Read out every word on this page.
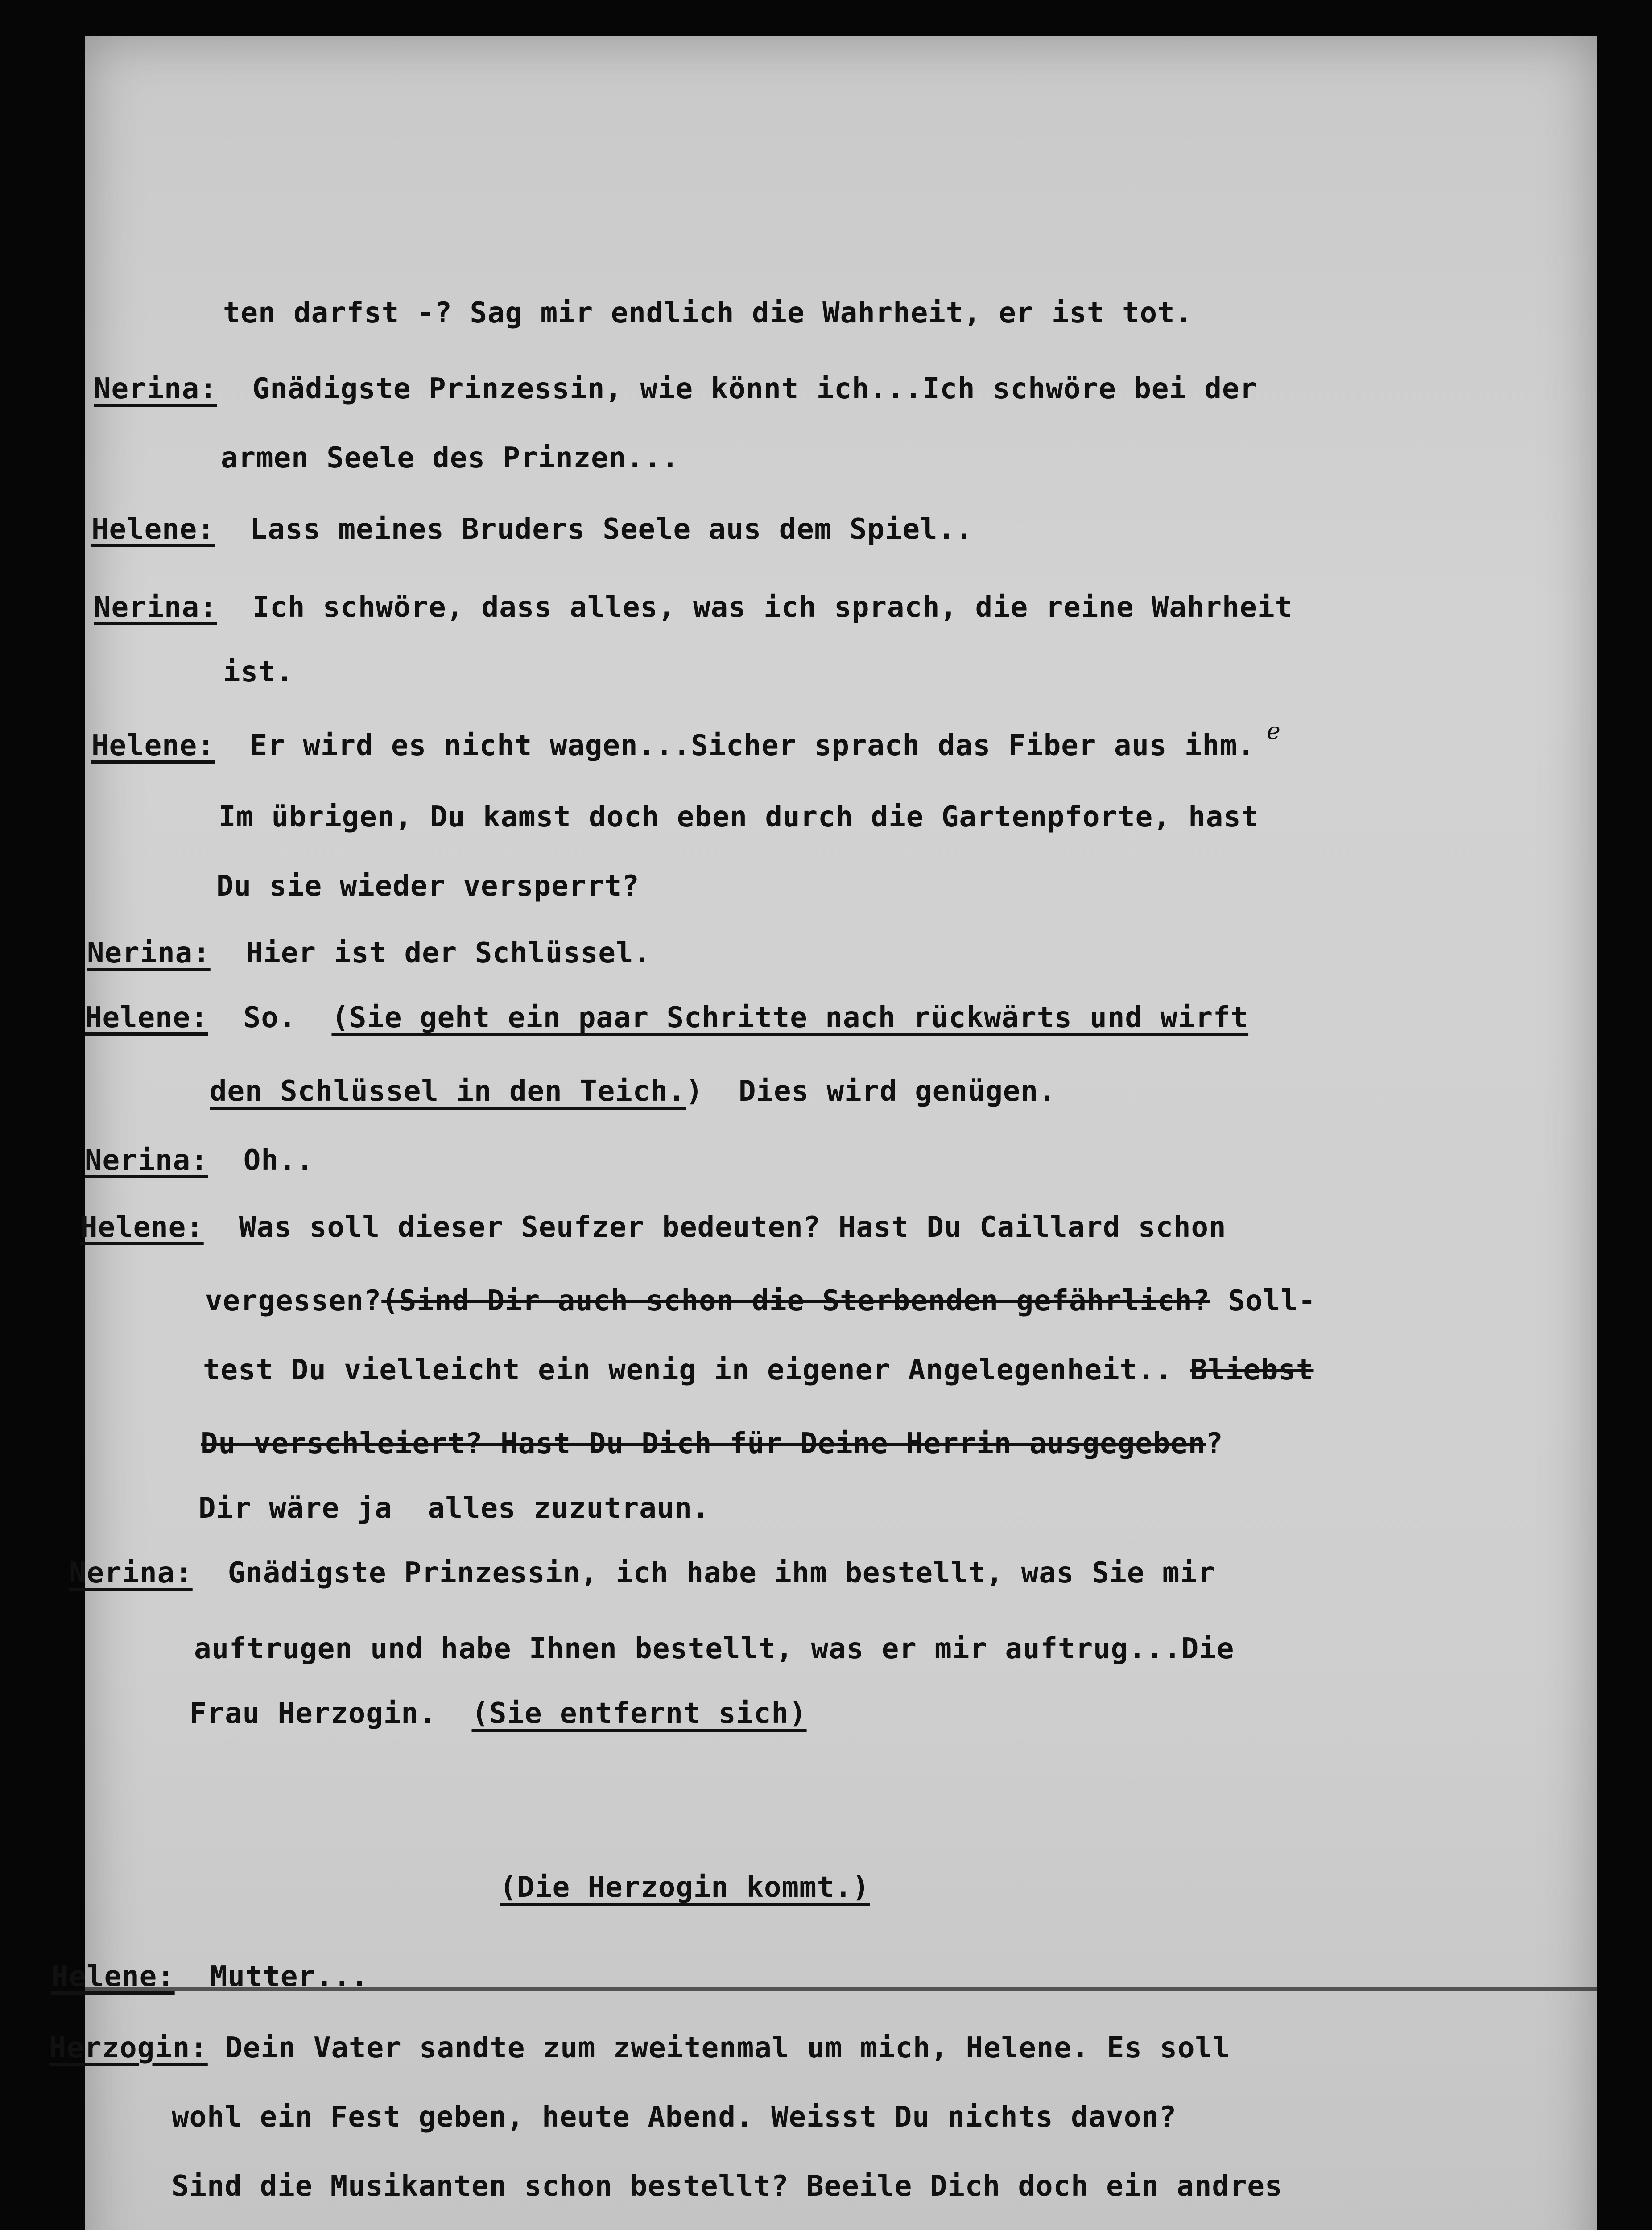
ten darfst -? Sag mir endlich die Wahrheit, er ist tot.
Nerina:  Gnädigste Prinzessin, wie könnt ich...Ich schwöre bei der
armen Seele des Prinzen...
Helene:  Lass meines Bruders Seele aus dem Spiel..
Nerina:  Ich schwöre, dass alles, was ich sprach, die reine Wahrheit
ist.
Helene:  Er wird es nicht wagen...Sicher sprach das Fiber aus ihm.
Im übrigen, Du kamst doch eben durch die Gartenpforte, hast
Du sie wieder versperrt?
Nerina:  Hier ist der Schlüssel.
Helene:  So.  (Sie geht ein paar Schritte nach rückwärts und wirft
den Schlüssel in den Teich.)  Dies wird genügen.
Nerina:  Oh..
Helene:  Was soll dieser Seufzer bedeuten? Hast Du Caillard schon
vergessen?(Sind Dir auch schon die Sterbenden gefährlich? Soll-
test Du vielleicht ein wenig in eigener Angelegenheit.. Bliebst
Du verschleiert? Hast Du Dich für Deine Herrin ausgegeben?
Dir wäre ja  alles zuzutraun.
Nerina:  Gnädigste Prinzessin, ich habe ihm bestellt, was Sie mir
auftrugen und habe Ihnen bestellt, was er mir auftrug...Die
Frau Herzogin.  (Sie entfernt sich)
(Die Herzogin kommt.)
Helene:  Mutter...
Herzogin: Dein Vater sandte zum zweitenmal um mich, Helene. Es soll
wohl ein Fest geben, heute Abend. Weisst Du nichts davon?
Sind die Musikanten schon bestellt? Beeile Dich doch ein andres
e
